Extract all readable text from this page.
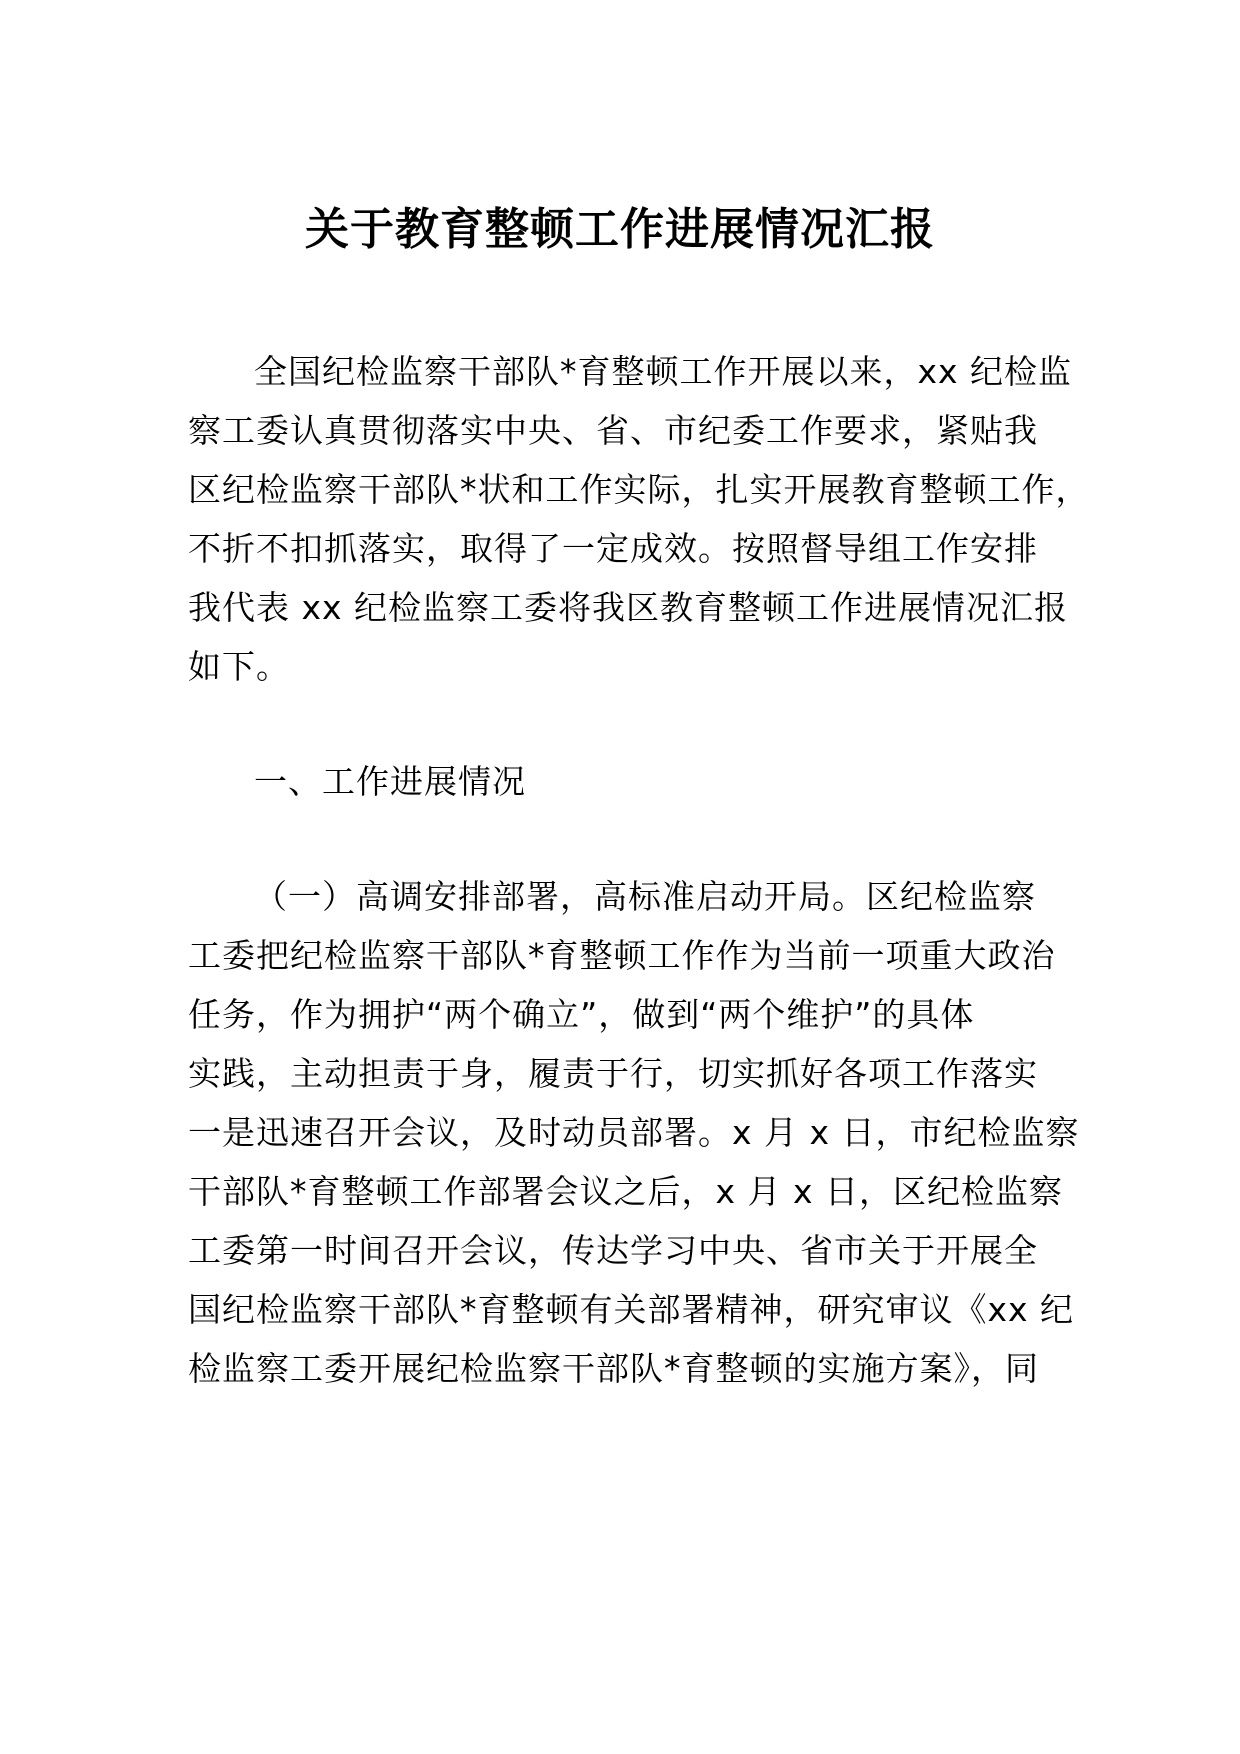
关于教育整顿工作进展情况汇报
全国纪检监察干部队*育整顿工作开展以来，xx 纪检监
察工委认真贯彻落实中央、省、市纪委工作要求，紧贴我
区纪检监察干部队*状和工作实际，扎实开展教育整顿工作，
不折不扣抓落实，取得了一定成效。按照督导组工作安排
我代表 xx 纪检监察工委将我区教育整顿工作进展情况汇报
如下。
一、工作进展情况
（一）高调安排部署，高标准启动开局。区纪检监察
工委把纪检监察干部队*育整顿工作作为当前一项重大政治
任务，作为拥护“两个确立”，做到“两个维护”的具体
实践，主动担责于身，履责于行，切实抓好各项工作落实
一是迅速召开会议，及时动员部署。x 月 x 日，市纪检监察
干部队*育整顿工作部署会议之后，x 月 x 日，区纪检监察
工委第一时间召开会议，传达学习中央、省市关于开展全
国纪检监察干部队*育整顿有关部署精神，研究审议《xx 纪
检监察工委开展纪检监察干部队*育整顿的实施方案》，同
